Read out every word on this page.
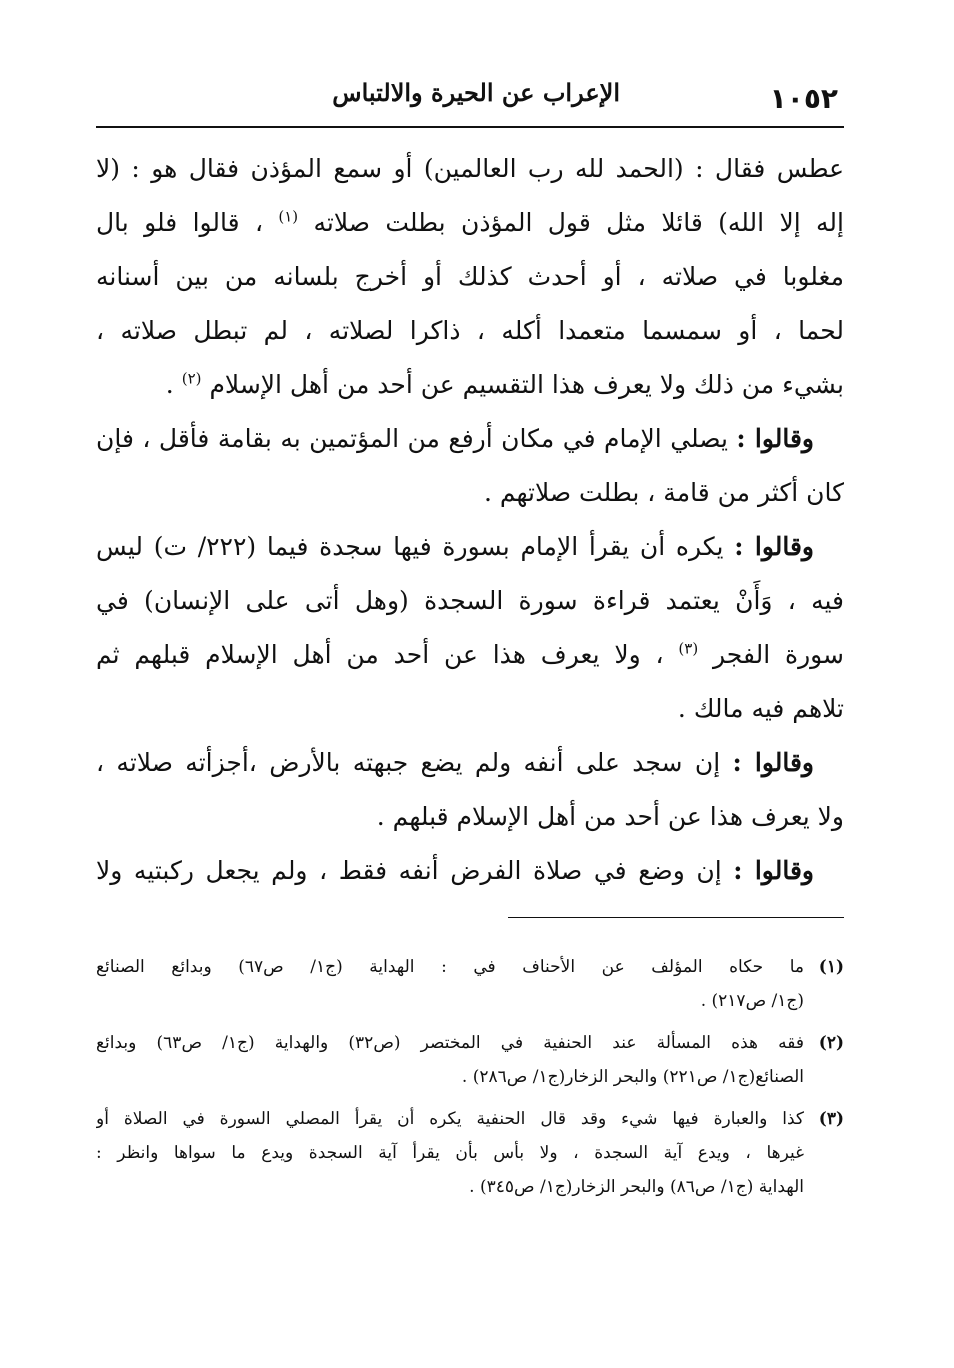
١٠٥٢
الإعراب عن الحيرة والالتباس
عطس فقال : (الحمد لله رب العالمين) أو سمع المؤذن فقال هو : (لا
إله إلا الله) قائلا مثل قول المؤذن بطلت صلاته $^{(١)}$ ، قالوا فلو بال
مغلوبا في صلاته ، أو أحدث كذلك أو أخرج بلسانه من بين أسنانه
لحما ، أو سمسما متعمدا أكله ، ذاكرا لصلاته ، لم تبطل صلاته ،
بشيء من ذلك ولا يعرف هذا التقسيم عن أحد من أهل الإسلام $^{(٢)}$ .
وقالوا : يصلي الإمام في مكان أرفع من المؤتمين به بقامة فأقل ، فإن
كان أكثر من قامة ، بطلت صلاتهم .
وقالوا : يكره أن يقرأ الإمام بسورة فيها سجدة فيما (٢٢٢/ ت) ليس
فيه ، وَأَنْ يعتمد قراءة سورة السجدة (وهل أتى على الإنسان) في
سورة الفجر $^{(٣)}$ ، ولا يعرف هذا عن أحد من أهل الإسلام قبلهم ثم
تلاهم فيه مالك .
وقالوا : إن سجد على أنفه ولم يضع جبهته بالأرض ،أجزأته صلاته ،
ولا يعرف هذا عن أحد من أهل الإسلام قبلهم .
وقالوا : إن وضع في صلاة الفرض أنفه فقط ، ولم يجعل ركبتيه ولا
(١)
ما حكاه المؤلف عن الأحناف في : الهداية (ج١/ ص٦٧) وبدائع الصنائع
(ج١/ ص٢١٧) .
(٢)
فقه هذه المسألة عند الحنفية في المختصر (ص٣٢) والهداية (ج١/ ص٦٣) وبدائع
الصنائع(ج١/ ص٢٢١) والبحر الزخار(ج١/ ص٢٨٦) .
(٣)
كذا والعبارة فيها شيء وقد قال الحنفية يكره أن يقرأ المصلي السورة في الصلاة أو
غيرها ، ويدع آية السجدة ، ولا بأس بأن يقرأ آية السجدة ويدع ما سواها وانظر :
الهداية (ج١/ ص٨٦) والبحر الزخار(ج١/ ص٣٤٥) .
